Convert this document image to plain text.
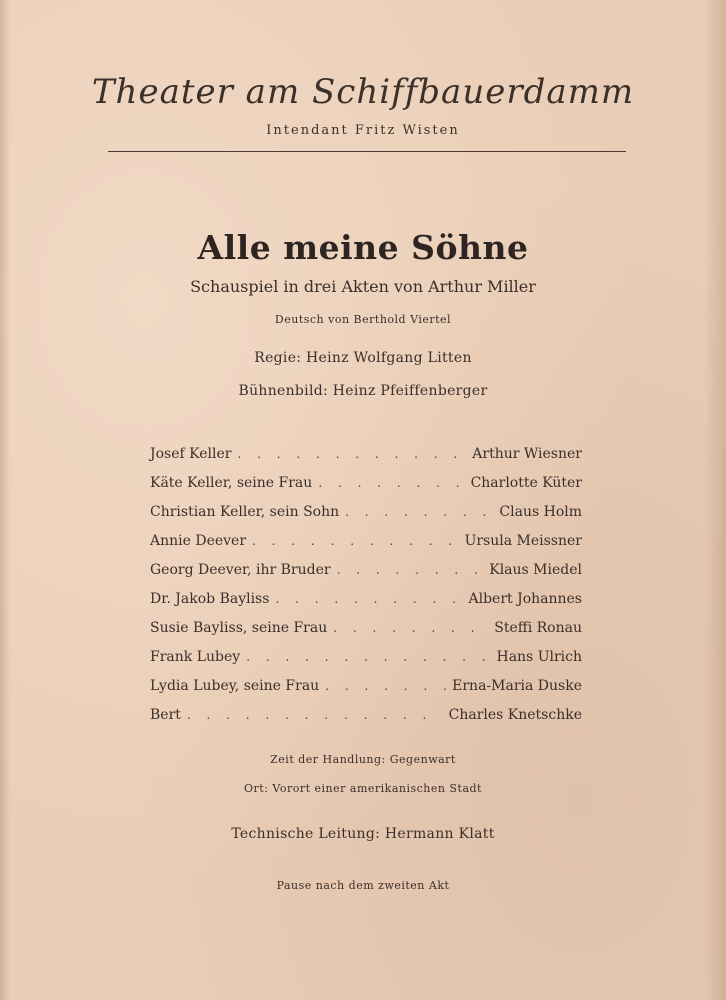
Theater am Schiffbauerdamm
Intendant Fritz Wisten
Alle meine Söhne
Schauspiel in drei Akten von Arthur Miller
Deutsch von Berthold Viertel
Regie: Heinz Wolfgang Litten
Bühnenbild: Heinz Pfeiffenberger
Josef Keller . . .	Arthur Wiesner
Käte Keller, seine Frau . . .	Charlotte Küter
Christian Keller, sein Sohn . . .	Claus Holm
Annie Deever . . .	Ursula Meissner
Georg Deever, ihr Bruder . . .	Klaus Miedel
Dr. Jakob Bayliss . . .	Albert Johannes
Susie Bayliss, seine Frau . . .	Steffi Ronau
Frank Lubey . . .	Hans Ulrich
Lydia Lubey, seine Frau . . .	Erna-Maria Duske
Bert . . .	Charles Knetschke
Zeit der Handlung: Gegenwart
Ort: Vorort einer amerikanischen Stadt
Technische Leitung: Hermann Klatt
Pause nach dem zweiten Akt
